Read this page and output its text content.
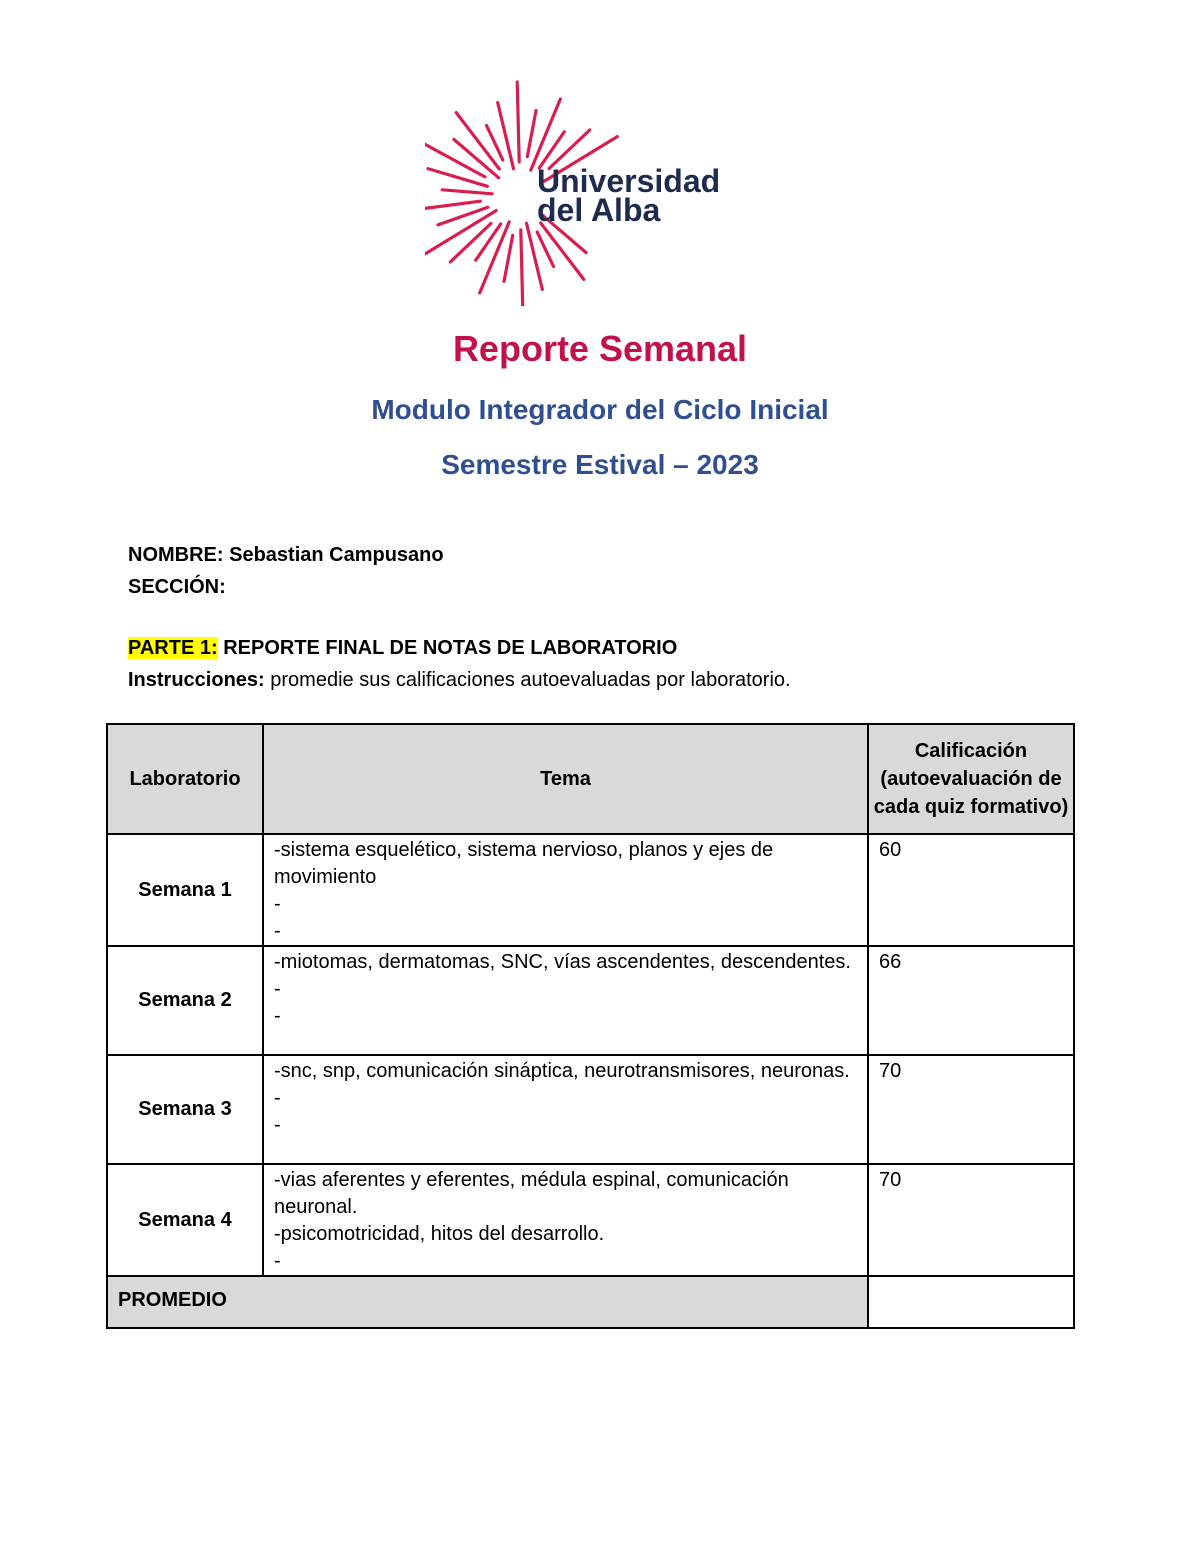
Universidad
del Alba
Reporte Semanal
Modulo Integrador del Ciclo Inicial
Semestre Estival – 2023
NOMBRE: Sebastian Campusano
SECCIÓN:
PARTE 1: REPORTE FINAL DE NOTAS DE LABORATORIO
Instrucciones: promedie sus calificaciones autoevaluadas por laboratorio.
Laboratorio	Tema	Calificación (autoevaluación de cada quiz formativo)
Semana 1	-sistema esquelético, sistema nervioso, planos y ejes de movimiento
-
-	60
Semana 2	-miotomas, dermatomas, SNC, vías ascendentes, descendentes.
-
-	66
Semana 3	-snc, snp, comunicación sináptica, neurotransmisores, neuronas.
-
-	70
Semana 4	-vias aferentes y eferentes, médula espinal, comunicación neuronal.
-psicomotricidad, hitos del desarrollo.
-	70
PROMEDIO		
